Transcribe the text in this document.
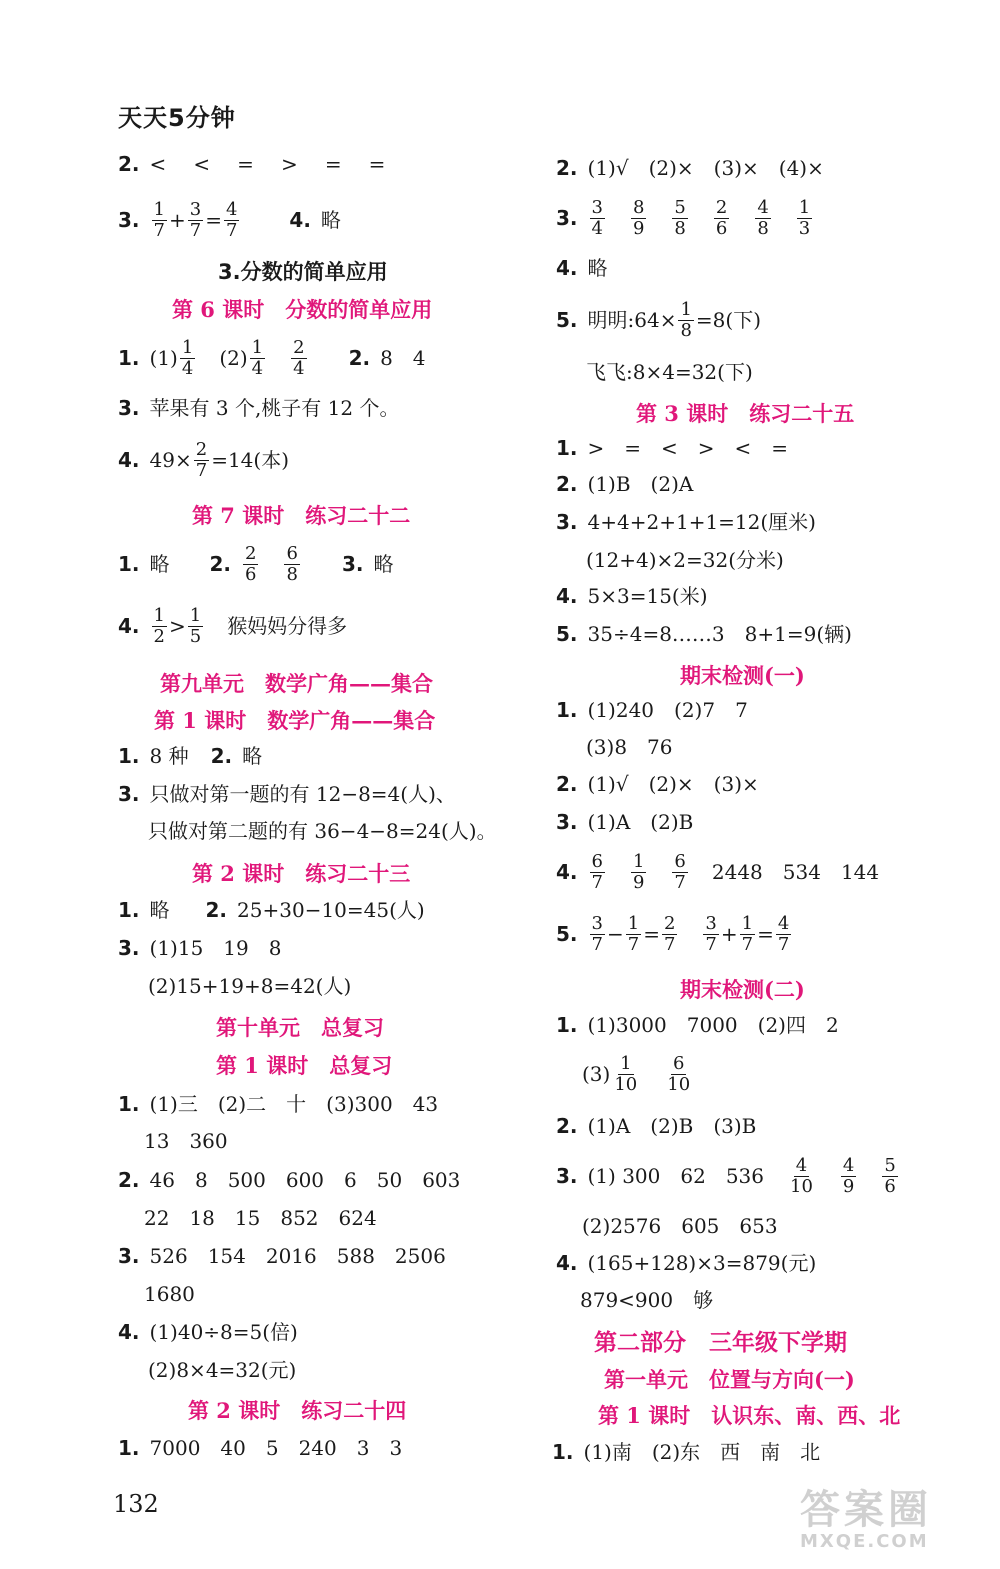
天天5分钟
2. <   <   =   >   =   =
3. $\frac{1}{7} + \frac{3}{7} = \frac{4}{7}$	4. 略
3.分数的简单应用
第 6 课时　分数的简单应用
1. $(1) \frac{1}{4} (2) \frac{1}{4} \frac{2}{4} 2$. 8　4
3. 苹果有 3 个,桃子有 12 个。
4. $49\times \frac{2}{7} =14$(本)
第 7 课时　练习二十二
1. 略 2. $\frac{2}{6} \frac{6}{8} 3$. 略
4. $\frac{1}{2} > \frac{1}{5}$ 猴妈妈分得多
第九单元　数学广角——集合
第 1 课时　数学广角——集合
1. 8 种 2. 略
3. 只做对第一题的有 12−8=4(人)、
只做对第二题的有 36−4−8=24(人)。
第 2 课时　练习二十三
1. 略 2. 25+30−10=45(人)
3. (1)15　19　8
(2)15+19+8=42(人)
第十单元　总复习
第 1 课时　总复习
1. (1)三　(2)二　十　(3)300　43
13　360
2. 46　8　500　600　6　50　603
22　18　15　852　624
3. 526　154　2016　588　2506
1680
4. (1)40÷8=5(倍)
(2)8×4=32(元)
第 2 课时　练习二十四
1. 7000　40　5　240　3　3
2. (1)√　(2)×　(3)×　(4)×
3. $\frac{3}{4} \frac{8}{9} \frac{5}{8} \frac{2}{6} \frac{4}{8} \frac{1}{3}$
4. 略
5. 明明:64× $\frac{1}{8} =8$(下)
飞飞:8×4=32(下)
第 3 课时　练习二十五
1. >　=　<　>　<　=
2. (1)B　(2)A
3. 4+4+2+1+1=12(厘米)
(12+4)×2=32(分米)
4. 5×3=15(米)
5. 35÷4=8……3　8+1=9(辆)
期末检测(一)
1. (1)240　(2)7　7
(3)8　76
2. (1)√　(2)×　(3)×
3. (1)A　(2)B
4. $\frac{6}{7} \frac{1}{9} \frac{6}{7} 2448$　534　144
5. $\frac{3}{7} - \frac{1}{7} = \frac{2}{7} \frac{3}{7} + \frac{1}{7} = \frac{4}{7}$
期末检测(二)
1. (1)3000　7000　(2)四　2
$(3) \frac{1}{10} \frac{6}{10}$
2. (1)A　(2)B　(3)B
3. (1) 300　62　$536 \frac{4}{10} \frac{4}{9} \frac{5}{6}$
(2)2576　605　653
4. (165+128)×3=879(元)
879<900　够
第二部分　三年级下学期
第一单元　位置与方向(一)
第 1 课时　认识东、南、西、北
1. (1)南　(2)东　西　南　北
132	答案圈
MXQE.COM
